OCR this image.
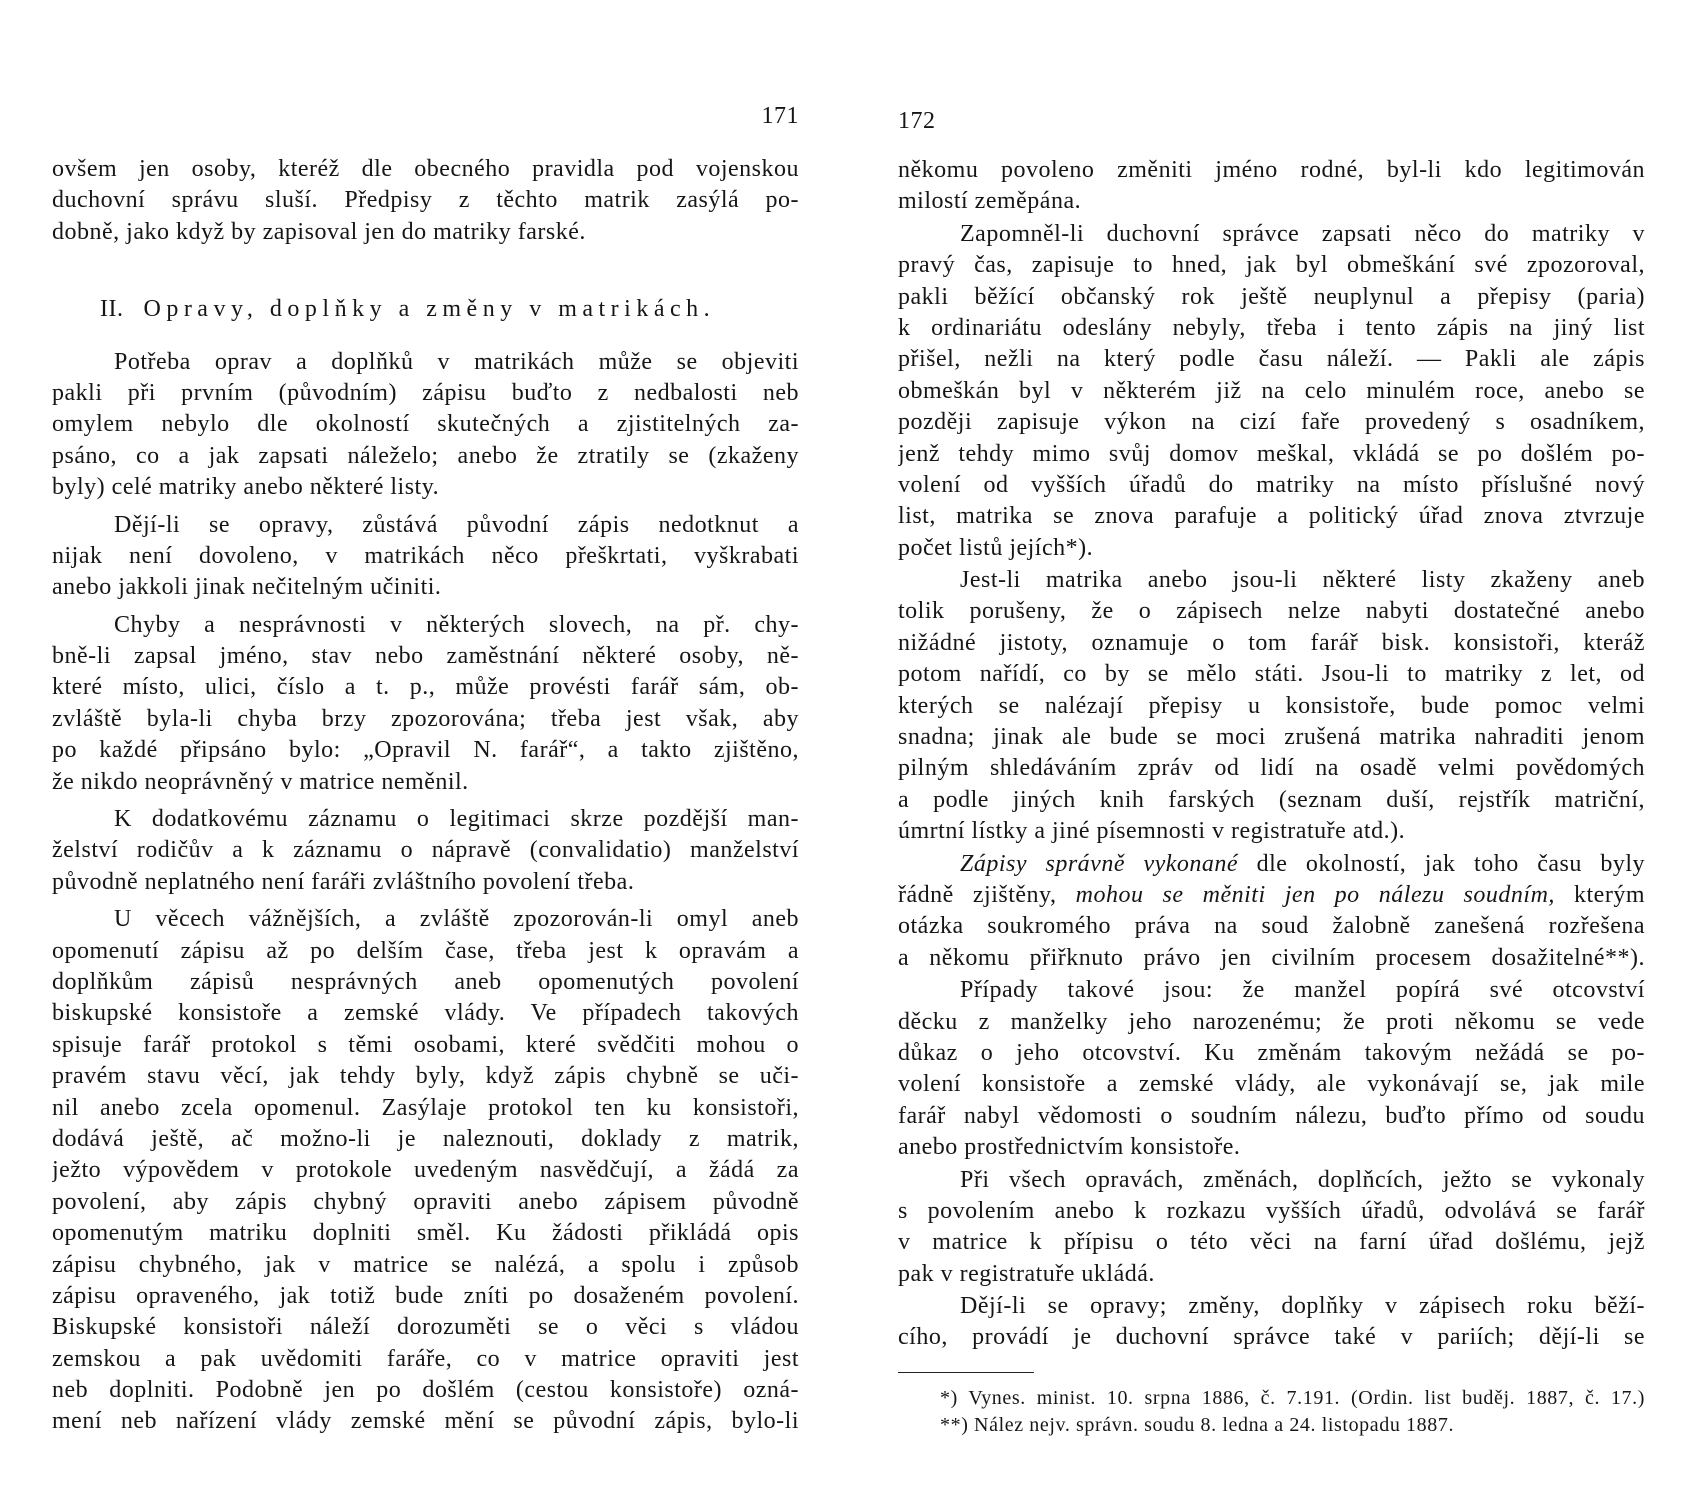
171	172
ovšem jen osoby, kteréž dle obecného pravidla pod vojenskou
duchovní správu sluší. Předpisy z těchto matrik zasýlá po-
dobně, jako když by zapisoval jen do matriky farské.
II. Opravy, doplňky a změny v matrikách.
Potřeba oprav a doplňků v matrikách může se objeviti
pakli při prvním (původním) zápisu buďto z nedbalosti neb
omylem nebylo dle okolností skutečných a zjistitelných za-
psáno, co a jak zapsati náleželo; anebo že ztratily se (zkaženy
byly) celé matriky anebo některé listy.
Dějí-li se opravy, zůstává původní zápis nedotknut a
nijak není dovoleno, v matrikách něco přeškrtati, vyškrabati
anebo jakkoli jinak nečitelným učiniti.
Chyby a nesprávnosti v některých slovech, na př. chy-
bně-li zapsal jméno, stav nebo zaměstnání některé osoby, ně-
které místo, ulici, číslo a t. p., může provésti farář sám, ob-
zvláště byla-li chyba brzy zpozorována; třeba jest však, aby
po každé připsáno bylo: „Opravil N. farář“, a takto zjištěno,
že nikdo neoprávněný v matrice neměnil.
K dodatkovému záznamu o legitimaci skrze pozdější man-
želství rodičův a k záznamu o nápravě (convalidatio) manželství
původně neplatného není faráři zvláštního povolení třeba.
U věcech vážnějších, a zvláště zpozorován-li omyl aneb
opomenutí zápisu až po delším čase, třeba jest k opravám a
doplňkům zápisů nesprávných aneb opomenutých povolení
biskupské konsistoře a zemské vlády. Ve případech takových
spisuje farář protokol s těmi osobami, které svědčiti mohou o
pravém stavu věcí, jak tehdy byly, když zápis chybně se uči-
nil anebo zcela opomenul. Zasýlaje protokol ten ku konsistoři,
dodává ještě, ač možno-li je naleznouti, doklady z matrik,
ježto výpovědem v protokole uvedeným nasvědčují, a žádá za
povolení, aby zápis chybný opraviti anebo zápisem původně
opomenutým matriku doplniti směl. Ku žádosti přikládá opis
zápisu chybného, jak v matrice se nalézá, a spolu i způsob
zápisu opraveného, jak totiž bude zníti po dosaženém povolení.
Biskupské konsistoři náleží dorozuměti se o věci s vládou
zemskou a pak uvědomiti faráře, co v matrice opraviti jest
neb doplniti. Podobně jen po došlém (cestou konsistoře) ozná-
mení neb nařízení vlády zemské mění se původní zápis, bylo-li
někomu povoleno změniti jméno rodné, byl-li kdo legitimován
milostí zeměpána.
Zapomněl-li duchovní správce zapsati něco do matriky v
pravý čas, zapisuje to hned, jak byl obmeškání své zpozoroval,
pakli běžící občanský rok ještě neuplynul a přepisy (paria)
k ordinariátu odeslány nebyly, třeba i tento zápis na jiný list
přišel, nežli na který podle času náleží. — Pakli ale zápis
obmeškán byl v některém již na celo minulém roce, anebo se
později zapisuje výkon na cizí faře provedený s osadníkem,
jenž tehdy mimo svůj domov meškal, vkládá se po došlém po-
volení od vyšších úřadů do matriky na místo příslušné nový
list, matrika se znova parafuje a politický úřad znova ztvrzuje
počet listů jejích*).
Jest-li matrika anebo jsou-li některé listy zkaženy aneb
tolik porušeny, že o zápisech nelze nabyti dostatečné anebo
nižádné jistoty, oznamuje o tom farář bisk. konsistoři, kteráž
potom nařídí, co by se mělo státi. Jsou-li to matriky z let, od
kterých se nalézají přepisy u konsistoře, bude pomoc velmi
snadna; jinak ale bude se moci zrušená matrika nahraditi jenom
pilným shledáváním zpráv od lidí na osadě velmi povědomých
a podle jiných knih farských (seznam duší, rejstřík matriční,
úmrtní lístky a jiné písemnosti v registratuře atd.).
Zápisy správně vykonané dle okolností, jak toho času byly
řádně zjištěny, mohou se měniti jen po nálezu soudním, kterým
otázka soukromého práva na soud žalobně zanešená rozřešena
a někomu přiřknuto právo jen civilním procesem dosažitelné**).
Případy takové jsou: že manžel popírá své otcovství
děcku z manželky jeho narozenému; že proti někomu se vede
důkaz o jeho otcovství. Ku změnám takovým nežádá se po-
volení konsistoře a zemské vlády, ale vykonávají se, jak mile
farář nabyl vědomosti o soudním nálezu, buďto přímo od soudu
anebo prostřednictvím konsistoře.
Při všech opravách, změnách, doplňcích, ježto se vykonaly
s povolením anebo k rozkazu vyšších úřadů, odvolává se farář
v matrice k přípisu o této věci na farní úřad došlému, jejž
pak v registratuře ukládá.
Dějí-li se opravy; změny, doplňky v zápisech roku běží-
cího, provádí je duchovní správce také v pariích; dějí-li se
*) Vynes. minist. 10. srpna 1886, č. 7.191. (Ordin. list buděj. 1887, č. 17.)
**) Nález nejv. správn. soudu 8. ledna a 24. listopadu 1887.
